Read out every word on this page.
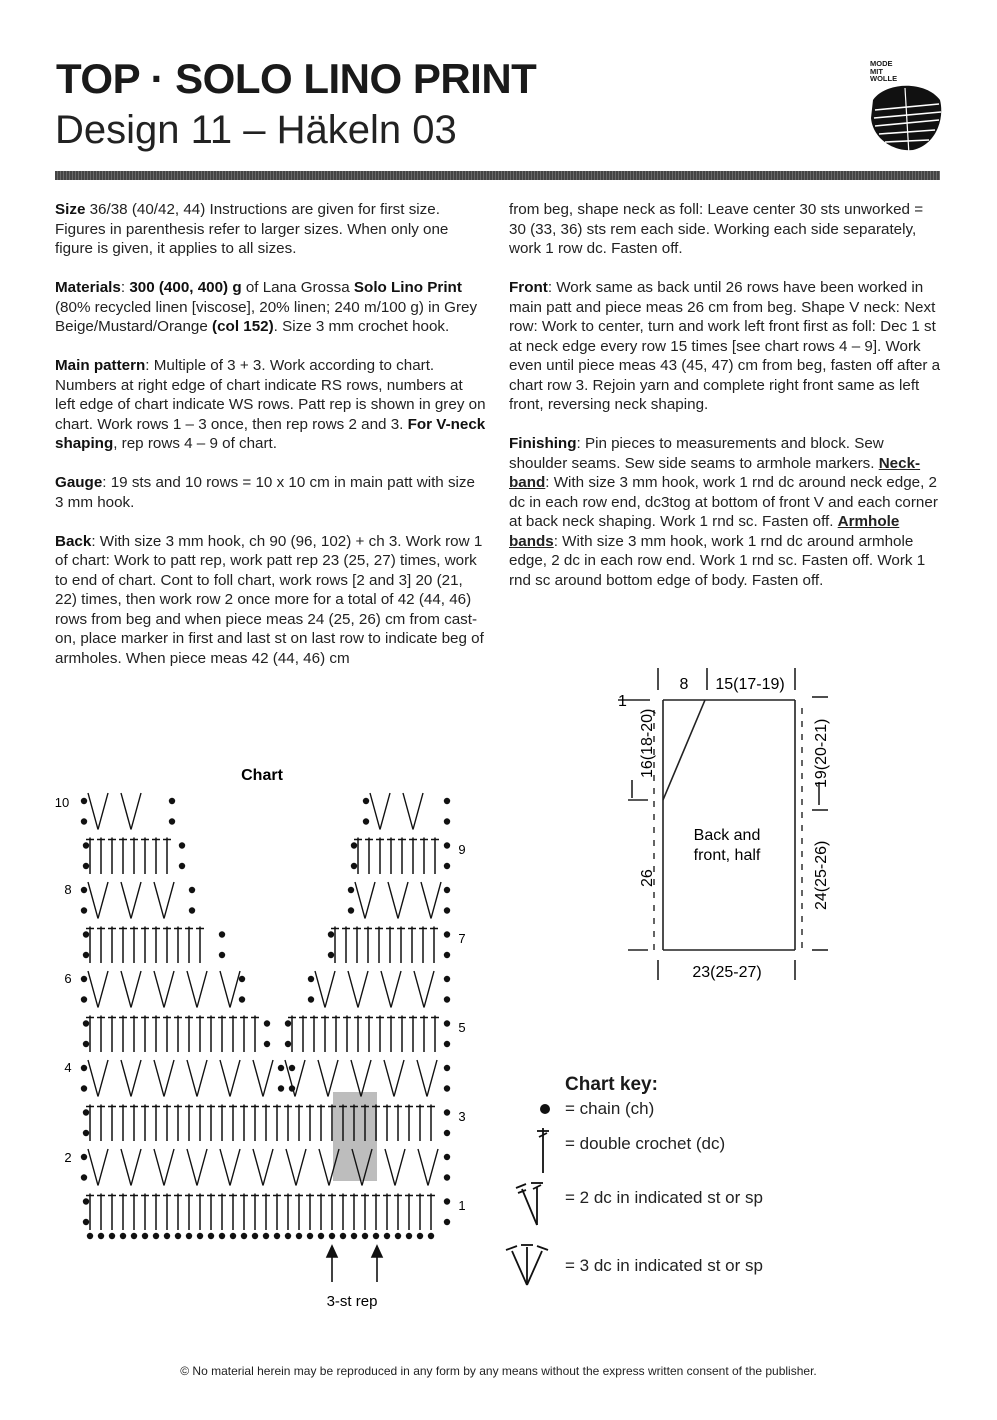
TOP · SOLO LINO PRINT
Design 11 – Häkeln 03
MODE
MIT
WOLLE

Size 36/38 (40/42, 44) Instructions are given for first size. Figures in parenthesis refer to larger sizes. When only one figure is given, it applies to all sizes.

Materials: 300 (400, 400) g of Lana Grossa Solo Lino Print (80% recycled linen [viscose], 20% linen; 240 m/100 g) in Grey Beige/Mustard/Orange (col 152). Size 3 mm crochet hook.

Main pattern: Multiple of 3 + 3. Work according to chart. Numbers at right edge of chart indicate RS rows, numbers at left edge of chart indicate WS rows. Patt rep is shown in grey on chart. Work rows 1 – 3 once, then rep rows 2 and 3. For V-neck shaping, rep rows 4 – 9 of chart.

Gauge: 19 sts and 10 rows = 10 x 10 cm in main patt with size 3 mm hook.

Back: With size 3 mm hook, ch 90 (96, 102) + ch 3. Work row 1 of chart: Work to patt rep, work patt rep 23 (25, 27) times, work to end of chart. Cont to foll chart, work rows [2 and 3] 20 (21, 22) times, then work row 2 once more for a total of 42 (44, 46) rows from beg and when piece meas 24 (25, 26) cm from cast-on, place marker in first and last st on last row to indicate beg of armholes. When piece meas 42 (44, 46) cm

from beg, shape neck as foll: Leave center 30 sts unworked = 30 (33, 36) sts rem each side. Working each side separately, work 1 row dc. Fasten off.

Front: Work same as back until 26 rows have been worked in main patt and piece meas 26 cm from beg. Shape V neck: Next row: Work to center, turn and work left front first as foll: Dec 1 st at neck edge every row 15 times [see chart rows 4 – 9]. Work even until piece meas 43 (45, 47) cm from beg, fasten off after a chart row 3. Rejoin yarn and complete right front same as left front, reversing neck shaping.

Finishing: Pin pieces to measurements and block. Sew shoulder seams. Sew side seams to armhole markers. Neckband: With size 3 mm hook, work 1 rnd dc around neck edge, 2 dc in each row end, dc3tog at bottom of front V and each corner at back neck shaping. Work 1 rnd sc. Fasten off. Armhole bands: With size 3 mm hook, work 1 rnd dc around armhole edge, 2 dc in each row end. Work 1 rnd sc. Fasten off. Work 1 rnd sc around bottom edge of body. Fasten off.

8 15(17-19)
1
16(18-20)
26
19(20-21)
24(25-26)
Back and
front, half
23(25-27)
Chart
10
8
6
4
2
9
7
5
3
1
3-st rep
Chart key:
= chain (ch)
= double crochet (dc)
= 2 dc in indicated st or sp
= 3 dc in indicated st or sp
© No material herein may be reproduced in any form by any means without the express written consent of the publisher.
